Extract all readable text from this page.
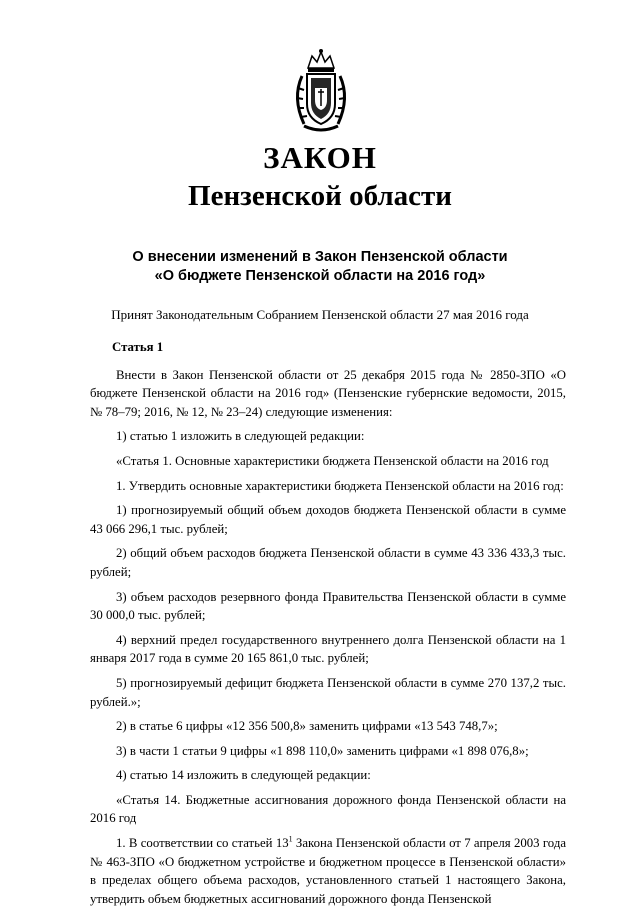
ЗАКОН
Пензенской области
О внесении изменений в Закон Пензенской области
«О бюджете Пензенской области на 2016 год»
Принят Законодательным Собранием Пензенской области 27 мая 2016 года

Статья 1

Внести в Закон Пензенской области от 25 декабря 2015 года № 2850-ЗПО «О бюджете Пензенской области на 2016 год» (Пензенские губернские ведомости, 2015, № 78–79; 2016, № 12, № 23–24) следующие изменения:

1) статью 1 изложить в следующей редакции:

«Статья 1. Основные характеристики бюджета Пензенской области на 2016 год

1. Утвердить основные характеристики бюджета Пензенской области на 2016 год:

1) прогнозируемый общий объем доходов бюджета Пензенской области в сумме 43 066 296,1 тыс. рублей;

2) общий объем расходов бюджета Пензенской области в сумме 43 336 433,3 тыс. рублей;

3) объем расходов резервного фонда Правительства Пензенской области в сумме 30 000,0 тыс. рублей;

4) верхний предел государственного внутреннего долга Пензенской области на 1 января 2017 года в сумме 20 165 861,0 тыс. рублей;

5) прогнозируемый дефицит бюджета Пензенской области в сумме 270 137,2 тыс. рублей.»;

2) в статье 6 цифры «12 356 500,8» заменить цифрами «13 543 748,7»;

3) в части 1 статьи 9 цифры «1 898 110,0» заменить цифрами «1 898 076,8»;

4) статью 14 изложить в следующей редакции:

«Статья 14. Бюджетные ассигнования дорожного фонда Пензенской области на 2016 год

1. В соответствии со статьей $13^1$ Закона Пензенской области от 7 апреля 2003 года № 463-ЗПО «О бюджетном устройстве и бюджетном процессе в Пензенской области» в пределах общего объема расходов, установленного статьей 1 настоящего Закона, утвердить объем бюджетных ассигнований дорожного фонда Пензенской
